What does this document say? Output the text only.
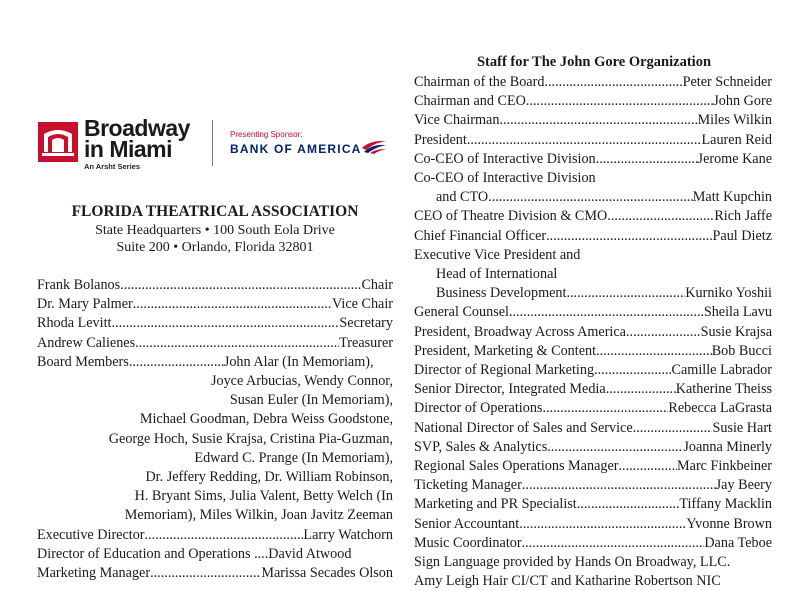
Broadway
in Miami
An Arsht Series
Presenting Sponsor:
BANK OF AMERICA
FLORIDA THEATRICAL ASSOCIATION
State Headquarters • 100 South Eola Drive
Suite 200 • Orlando, Florida 32801
Frank Bolanos .....	Chair
Dr. Mary Palmer .....	Vice Chair
Rhoda Levitt. .....	Secretary
Andrew Calienes .....	Treasurer
Board Members .....	John Alar (In Memoriam),
Joyce Arbucias, Wendy Connor,
Susan Euler (In Memoriam),
Michael Goodman, Debra Weiss Goodstone,
George Hoch, Susie Krajsa, Cristina Pia-Guzman,
Edward C. Prange (In Memoriam),
Dr. Jeffery Redding, Dr. William Robinson,
H. Bryant Sims, Julia Valent, Betty Welch (In
Memoriam), Miles Wilkin, Joan Javitz Zeeman
Executive Director .....	Larry Watchorn
Director of Education and Operations .... David Atwood
Marketing Manager .....	Marissa Secades Olson
Staff for The John Gore Organization
Chairman of the Board .....	Peter Schneider
Chairman and CEO .....	John Gore
Vice Chairman .....	Miles Wilkin
President .....	Lauren Reid
Co-CEO of Interactive Division .....	Jerome Kane
Co-CEO of Interactive Division
and CTO .....	Matt Kupchin
CEO of Theatre Division & CMO .....	Rich Jaffe
Chief Financial Officer .....	Paul Dietz
Executive Vice President and
Head of International
Business Development .....	Kurniko Yoshii
General Counsel .....	Sheila Lavu
President, Broadway Across America .....	Susie Krajsa
President, Marketing & Content .....	Bob Bucci
Director of Regional Marketing .....	Camille Labrador
Senior Director, Integrated Media .....	Katherine Theiss
Director of Operations .....	Rebecca LaGrasta
National Director of Sales and Service .....	Susie Hart
SVP, Sales & Analytics .....	Joanna Minerly
Regional Sales Operations Manager .....	Marc Finkbeiner
Ticketing Manager .....	Jay Beery
Marketing and PR Specialist .....	Tiffany Macklin
Senior Accountant .....	Yvonne Brown
Music Coordinator .....	Dana Teboe
Sign Language provided by Hands On Broadway, LLC.
Amy Leigh Hair CI/CT and Katharine Robertson NIC
